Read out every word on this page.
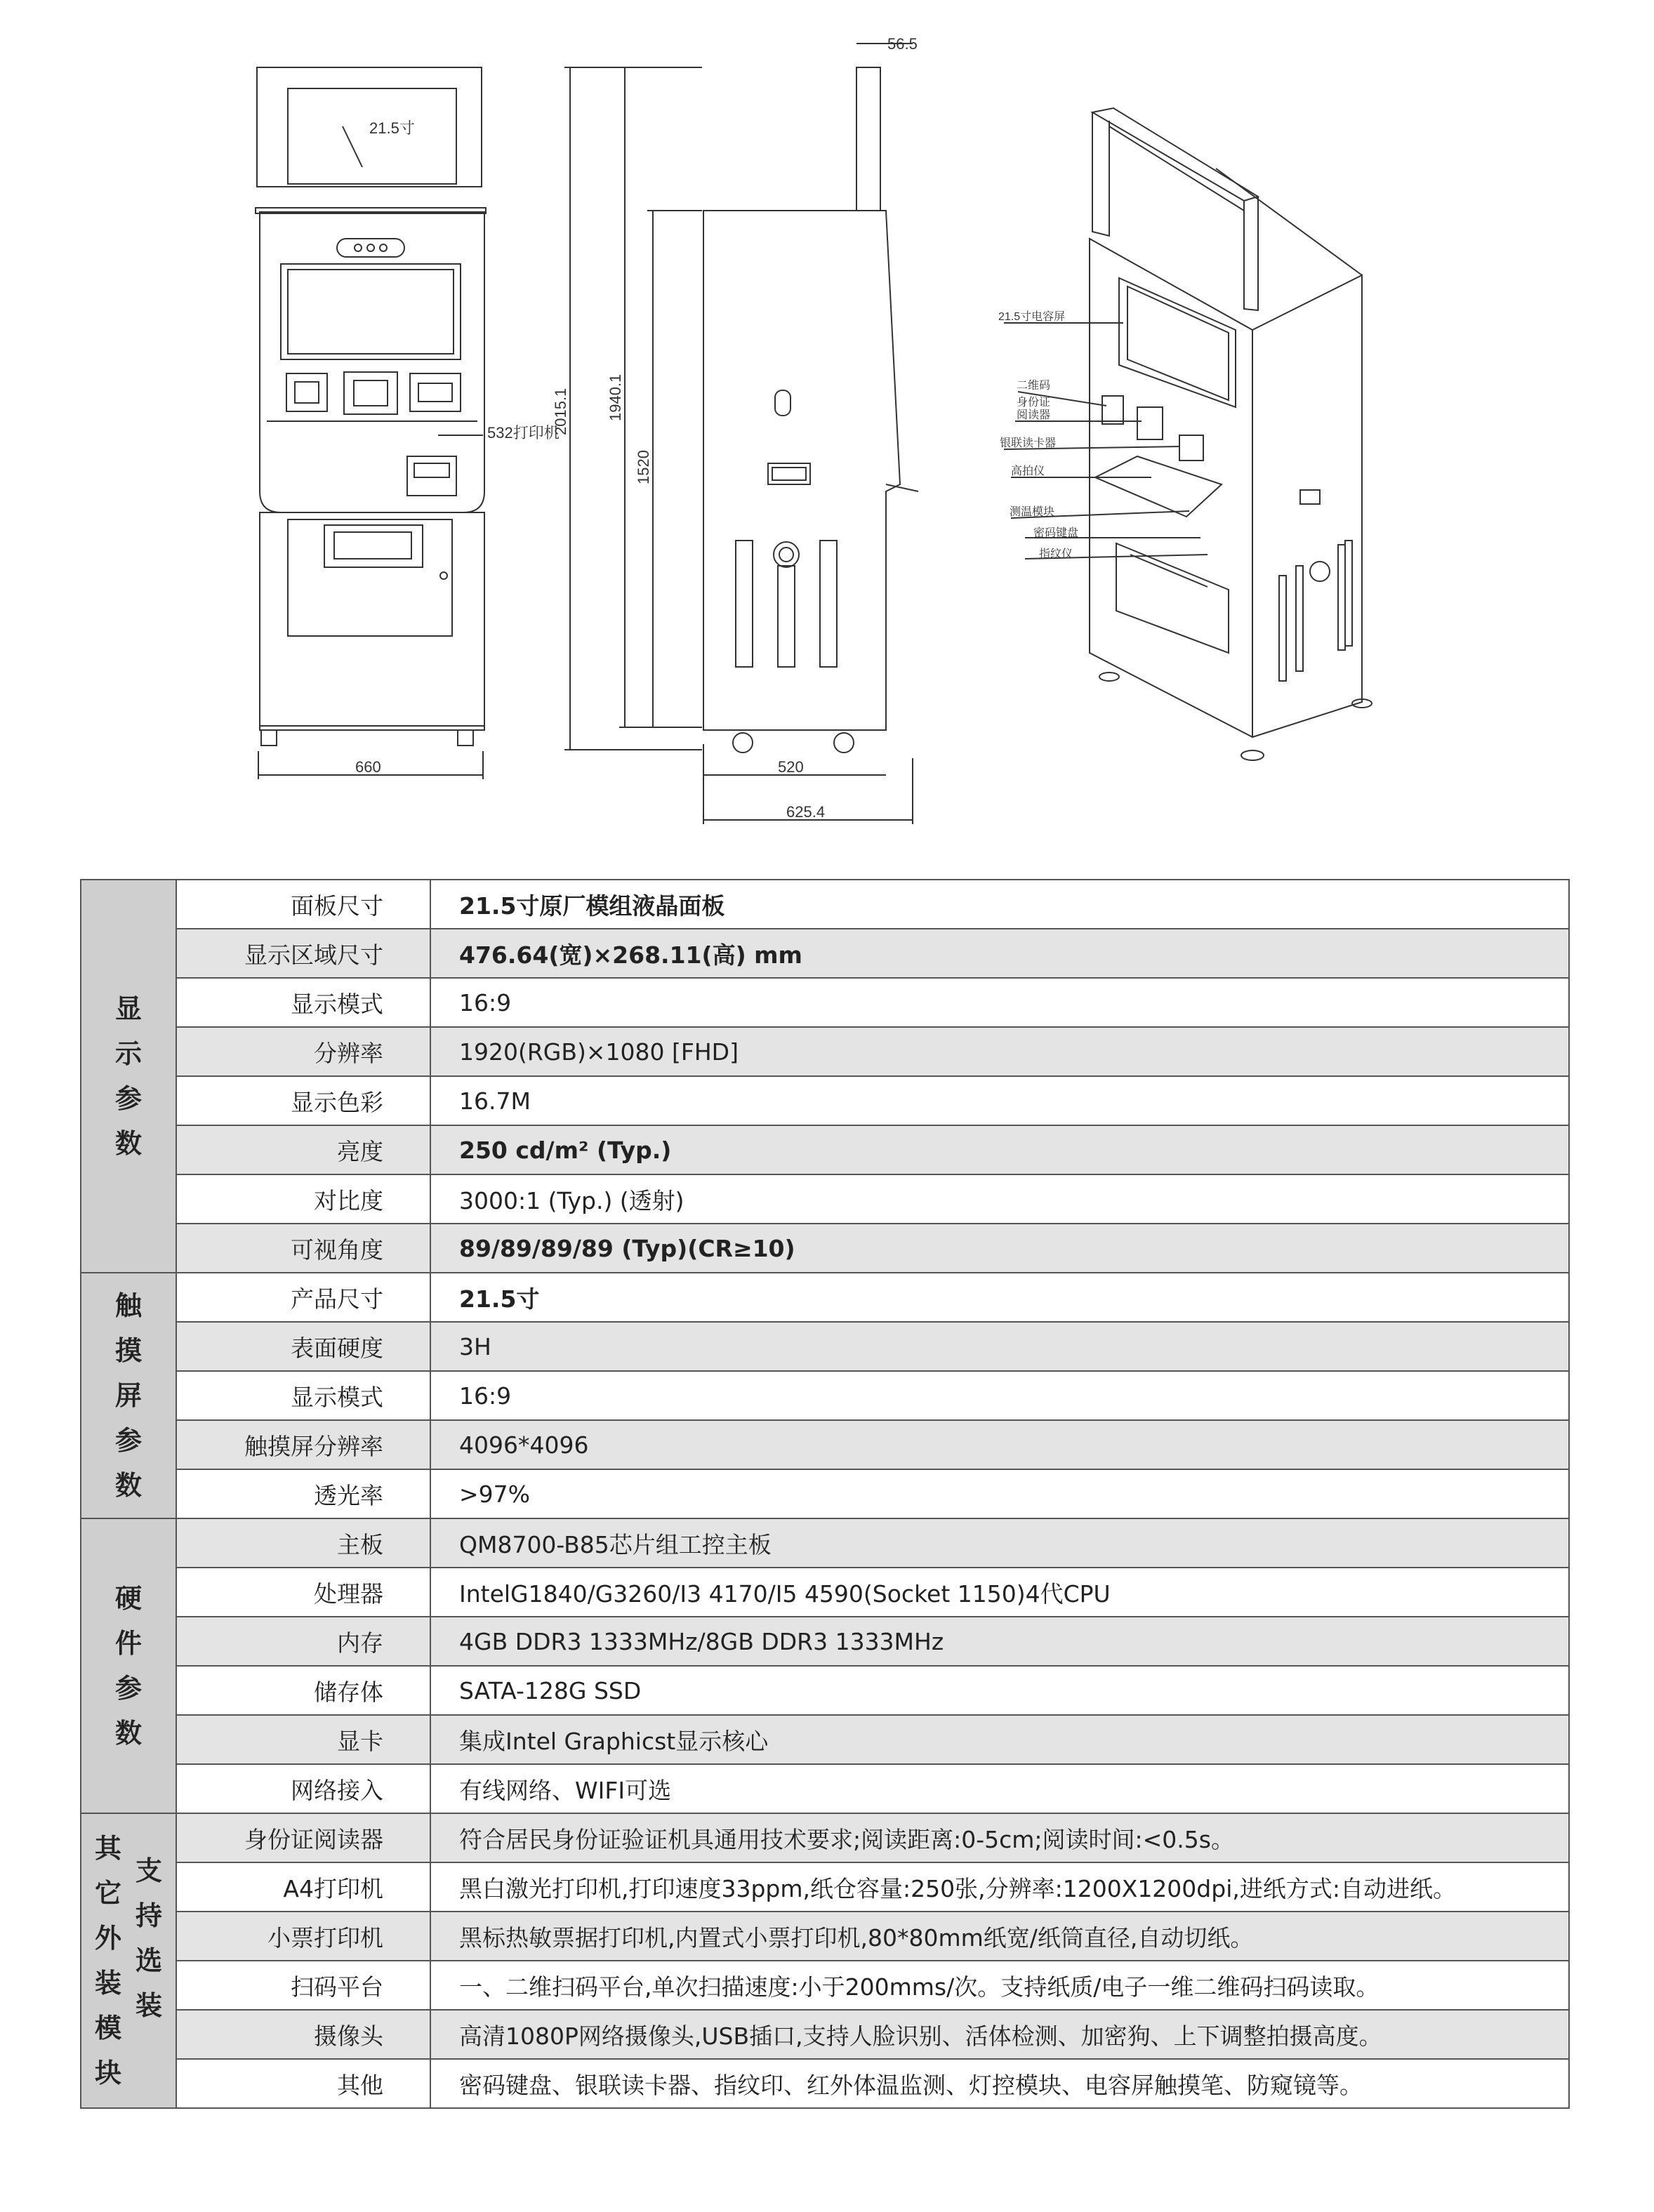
21.5寸
532打印机
660	520
625.4
56.5
2015.1 1940.1
1520
21.5寸电容屏
二维码
身份证
阅读器
银联读卡器
高拍仪
测温模块
密码键盘
指纹仪
显示参数	面板尺寸	21.5寸原厂模组液晶面板
	显示区域尺寸	476.64(宽)×268.11(高) mm
	显示模式	16:9
	分辨率	1920(RGB)×1080 [FHD]
	显示色彩	16.7M
	亮度	250 cd/m² (Typ.)
	对比度	3000:1 (Typ.) (透射)
	可视角度	89/89/89/89 (Typ)(CR≥10)

触摸屏参数	产品尺寸	21.5寸
	表面硬度	3H
	显示模式	16:9
	触摸屏分辨率	4096*4096
	透光率	>97%

硬件参数	主板	QM8700-B85芯片组工控主板
	处理器	IntelG1840/G3260/I3 4170/I5 4590(Socket 1150)4代CPU
	内存	4GB DDR3 1333MHz/8GB DDR3 1333MHz
	储存体	SATA-128G SSD
	显卡	集成Intel Graphicst显示核心
	网络接入	有线网络、WIFI可选

其它外装模块
支持选装	身份证阅读器	符合居民身份证验证机具通用技术要求;阅读距离:0-5cm;阅读时间:<0.5s。
	A4打印机	黑白激光打印机,打印速度33ppm,纸仓容量:250张,分辨率:1200X1200dpi,进纸方式:自动进纸。
	小票打印机	黑标热敏票据打印机,内置式小票打印机,80*80mm纸宽/纸筒直径,自动切纸。
	扫码平台	一、二维扫码平台,单次扫描速度:小于200mms/次。支持纸质/电子一维二维码扫码读取。
	摄像头	高清1080P网络摄像头,USB插口,支持人脸识别、活体检测、加密狗、上下调整拍摄高度。
	其他	密码键盘、银联读卡器、指纹印、红外体温监测、灯控模块、电容屏触摸笔、防窥镜等。
